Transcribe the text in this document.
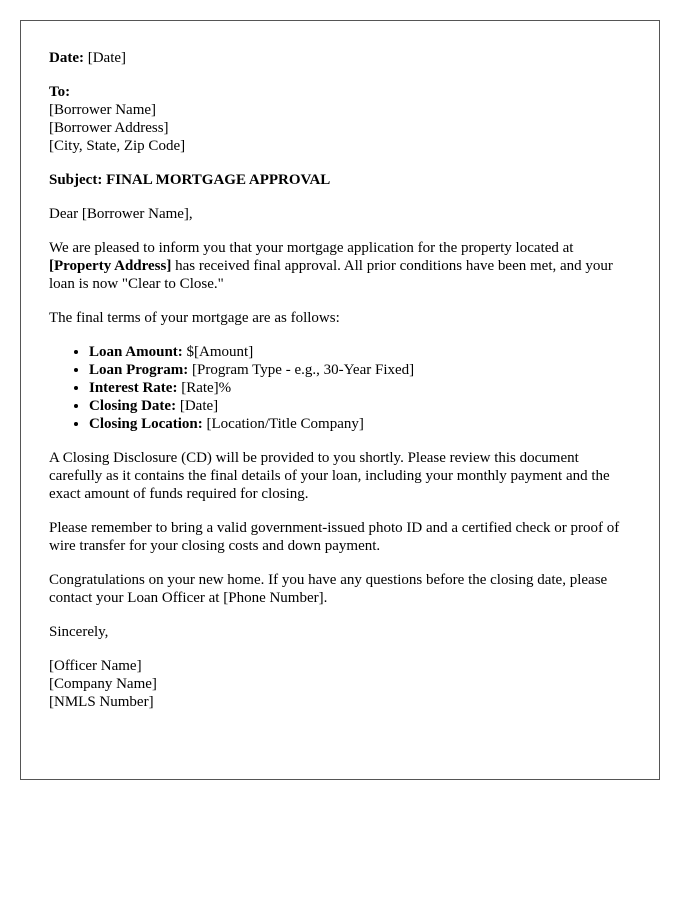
Date: [Date]
To:
[Borrower Name]
[Borrower Address]
[City, State, Zip Code]
Subject: FINAL MORTGAGE APPROVAL

Dear [Borrower Name],

We are pleased to inform you that your mortgage application for the property located at [Property Address] has received final approval. All prior conditions have been met, and your loan is now "Clear to Close."

The final terms of your mortgage are as follows:

• Loan Amount: $[Amount]
• Loan Program: [Program Type - e.g., 30-Year Fixed]
• Interest Rate: [Rate]%
• Closing Date: [Date]
• Closing Location: [Location/Title Company]

A Closing Disclosure (CD) will be provided to you shortly. Please review this document carefully as it contains the final details of your loan, including your monthly payment and the exact amount of funds required for closing.

Please remember to bring a valid government-issued photo ID and a certified check or proof of wire transfer for your closing costs and down payment.

Congratulations on your new home. If you have any questions before the closing date, please contact your Loan Officer at [Phone Number].

Sincerely,

[Officer Name]
[Company Name]
[NMLS Number]
